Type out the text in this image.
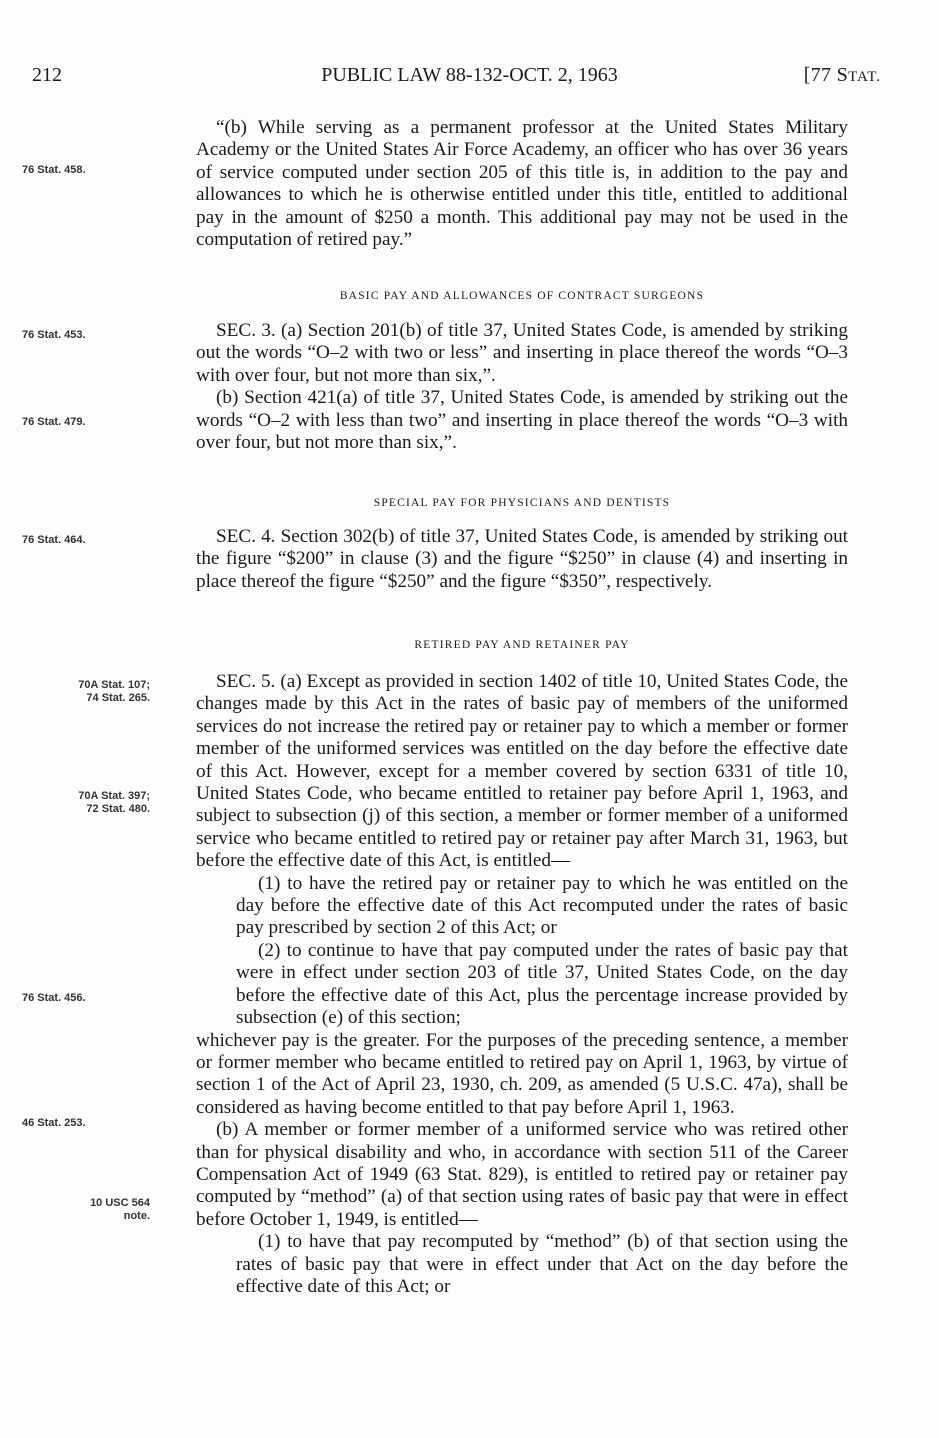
212	PUBLIC LAW 88-132-OCT. 2, 1963	[77 STAT.
76 Stat. 458.
76 Stat. 453.
76 Stat. 479.
76 Stat. 464.
70A Stat. 107;
74 Stat. 265.
70A Stat. 397;
72 Stat. 480.
76 Stat. 456.
46 Stat. 253.
10 USC 564
note.

“(b) While serving as a permanent professor at the United States Military Academy or the United States Air Force Academy, an officer who has over 36 years of service computed under section 205 of this title is, in addition to the pay and allowances to which he is otherwise entitled under this title, entitled to additional pay in the amount of $250 a month. This additional pay may not be used in the computation of retired pay.”

BASIC PAY AND ALLOWANCES OF CONTRACT SURGEONS

SEC. 3. (a) Section 201(b) of title 37, United States Code, is amended by striking out the words “O–2 with two or less” and inserting in place thereof the words “O–3 with over four, but not more than six,”.

(b) Section 421(a) of title 37, United States Code, is amended by striking out the words “O–2 with less than two” and inserting in place thereof the words “O–3 with over four, but not more than six,”.

SPECIAL PAY FOR PHYSICIANS AND DENTISTS

SEC. 4. Section 302(b) of title 37, United States Code, is amended by striking out the figure “$200” in clause (3) and the figure “$250” in clause (4) and inserting in place thereof the figure “$250” and the figure “$350”, respectively.

RETIRED PAY AND RETAINER PAY

SEC. 5. (a) Except as provided in section 1402 of title 10, United States Code, the changes made by this Act in the rates of basic pay of members of the uniformed services do not increase the retired pay or retainer pay to which a member or former member of the uniformed services was entitled on the day before the effective date of this Act. However, except for a member covered by section 6331 of title 10, United States Code, who became entitled to retainer pay before April 1, 1963, and subject to subsection (j) of this section, a member or former member of a uniformed service who became entitled to retired pay or retainer pay after March 31, 1963, but before the effective date of this Act, is entitled—

(1) to have the retired pay or retainer pay to which he was entitled on the day before the effective date of this Act recomputed under the rates of basic pay prescribed by section 2 of this Act; or

(2) to continue to have that pay computed under the rates of basic pay that were in effect under section 203 of title 37, United States Code, on the day before the effective date of this Act, plus the percentage increase provided by subsection (e) of this section;

whichever pay is the greater. For the purposes of the preceding sentence, a member or former member who became entitled to retired pay on April 1, 1963, by virtue of section 1 of the Act of April 23, 1930, ch. 209, as amended (5 U.S.C. 47a), shall be considered as having become entitled to that pay before April 1, 1963.

(b) A member or former member of a uniformed service who was retired other than for physical disability and who, in accordance with section 511 of the Career Compensation Act of 1949 (63 Stat. 829), is entitled to retired pay or retainer pay computed by “method” (a) of that section using rates of basic pay that were in effect before October 1, 1949, is entitled—

(1) to have that pay recomputed by “method” (b) of that section using the rates of basic pay that were in effect under that Act on the day before the effective date of this Act; or
